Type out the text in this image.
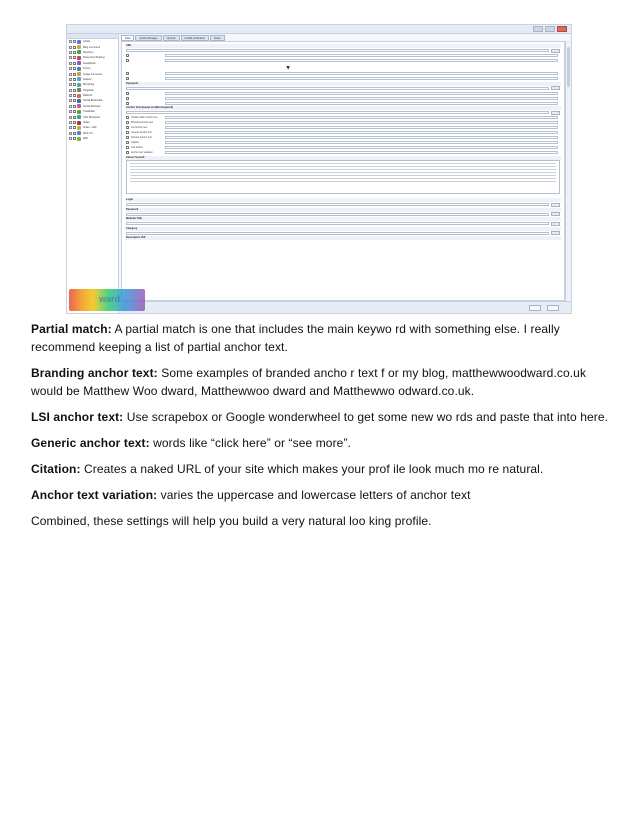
Article
Blog Comment
Directory
Document Sharing
Guestbook
Forum
Image Comment
Indexer
Microblog
Pingback
Referrer
Social Bookmark
Social Network
Trackback
URL Shortener
Video
Video - Add
Web 2.0
Wiki
Data	Article Manager	Options	E-Mail verification	Notes
URL
Keywords
Anchor Text (based on Main Keyword)
Partial match anchor text
Branding anchor text
LSI anchor text
Generic anchor text
Domain anchor text
Citation
Use Follow
Anchor text variation
About Yourself
Login
Password
Website Title
Category
Description 250
ward
Partial match: A partial match is one that includes the main keywo rd with something else. I really recommend keeping a list of partial anchor text.
Branding anchor text: Some examples of branded ancho r text f or my blog, matthewwoodward.co.uk would be Matthew Woo dward, Matthewwoo dward and Matthewwo odward.co.uk.
LSI anchor text: Use scrapebox or Google wonderwheel to get some new wo rds and paste that into here.
Generic anchor text: words like “click here” or “see more”.
Citation: Creates a naked URL of your site which makes your prof ile look much mo re natural.
Anchor text variation: varies the uppercase and lowercase letters of anchor text
Combined, these settings will help you build a very natural loo king profile.
